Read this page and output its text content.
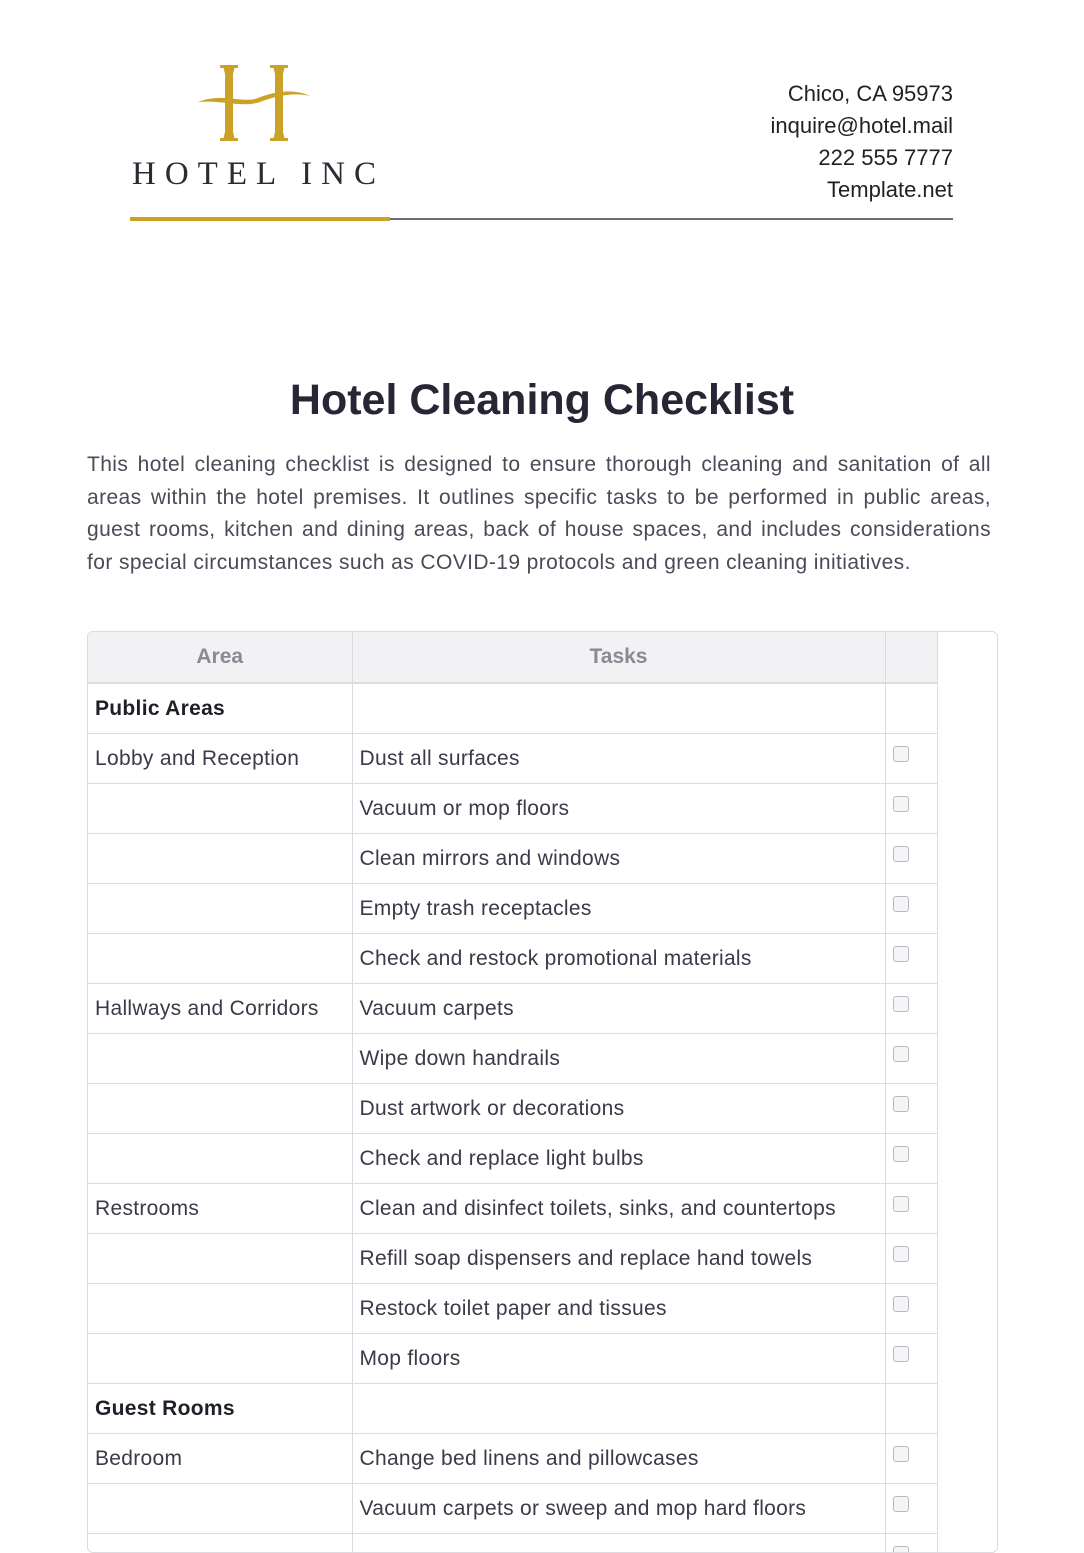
HOTEL INC
Chico, CA 95973
inquire@hotel.mail
222 555 7777
Template.net
Hotel Cleaning Checklist

This hotel cleaning checklist is designed to ensure thorough cleaning and sanitation of all areas within the hotel premises. It outlines specific tasks to be performed in public areas, guest rooms, kitchen and dining areas, back of house spaces, and includes considerations for special circumstances such as COVID-19 protocols and green cleaning initiatives.

Area	Tasks	
Public Areas		
Lobby and Reception	Dust all surfaces	
	Vacuum or mop floors	
	Clean mirrors and windows	
	Empty trash receptacles	
	Check and restock promotional materials	
Hallways and Corridors	Vacuum carpets	
	Wipe down handrails	
	Dust artwork or decorations	
	Check and replace light bulbs	
Restrooms	Clean and disinfect toilets, sinks, and countertops	
	Refill soap dispensers and replace hand towels	
	Restock toilet paper and tissues	
	Mop floors	
Guest Rooms		
Bedroom	Change bed linens and pillowcases	
	Vacuum carpets or sweep and mop hard floors	
